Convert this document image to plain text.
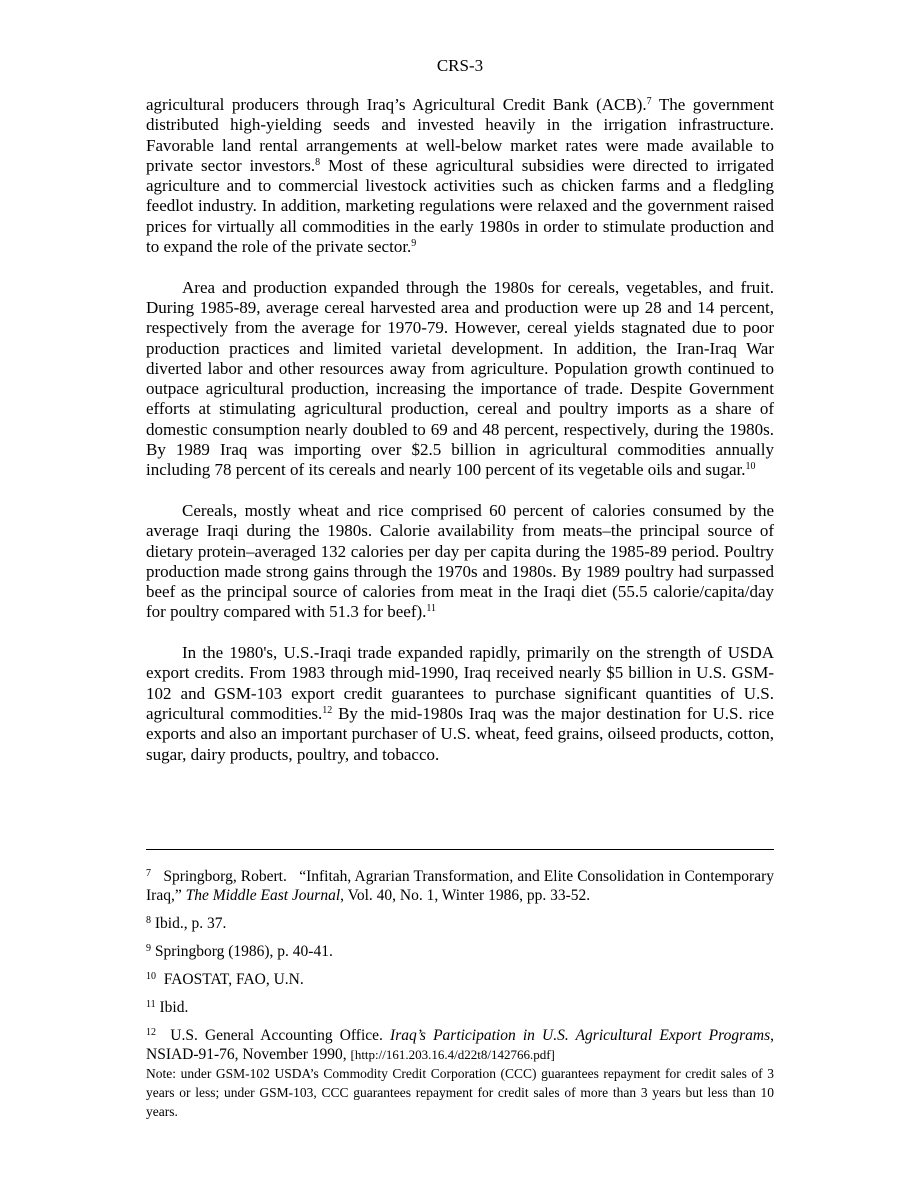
CRS-3

agricultural producers through Iraq’s Agricultural Credit Bank (ACB).$^7$ The government distributed high-yielding seeds and invested heavily in the irrigation infrastructure. Favorable land rental arrangements at well-below market rates were made available to private sector investors.$^8$ Most of these agricultural subsidies were directed to irrigated agriculture and to commercial livestock activities such as chicken farms and a fledgling feedlot industry. In addition, marketing regulations were relaxed and the government raised prices for virtually all commodities in the early 1980s in order to stimulate production and to expand the role of the private sector.$^9$

Area and production expanded through the 1980s for cereals, vegetables, and fruit. During 1985-89, average cereal harvested area and production were up 28 and 14 percent, respectively from the average for 1970-79. However, cereal yields stagnated due to poor production practices and limited varietal development. In addition, the Iran-Iraq War diverted labor and other resources away from agriculture. Population growth continued to outpace agricultural production, increasing the importance of trade. Despite Government efforts at stimulating agricultural production, cereal and poultry imports as a share of domestic consumption nearly doubled to 69 and 48 percent, respectively, during the 1980s. By 1989 Iraq was importing over $2.5 billion in agricultural commodities annually including 78 percent of its cereals and nearly 100 percent of its vegetable oils and sugar.$^{10}$

Cereals, mostly wheat and rice comprised 60 percent of calories consumed by the average Iraqi during the 1980s. Calorie availability from meats–the principal source of dietary protein–averaged 132 calories per day per capita during the 1985-89 period. Poultry production made strong gains through the 1970s and 1980s. By 1989 poultry had surpassed beef as the principal source of calories from meat in the Iraqi diet (55.5 calorie/capita/day for poultry compared with 51.3 for beef).$^{11}$

In the 1980's, U.S.-Iraqi trade expanded rapidly, primarily on the strength of USDA export credits. From 1983 through mid-1990, Iraq received nearly $5 billion in U.S. GSM-102 and GSM-103 export credit guarantees to purchase significant quantities of U.S. agricultural commodities.$^{12}$ By the mid-1980s Iraq was the major destination for U.S. rice exports and also an important purchaser of U.S. wheat, feed grains, oilseed products, cotton, sugar, dairy products, poultry, and tobacco.

$^7$   Springborg, Robert.   “Infitah, Agrarian Transformation, and Elite Consolidation in Contemporary Iraq,” The Middle East Journal, Vol. 40, No. 1, Winter 1986, pp. 33-52.
$^8$ Ibid., p. 37.
$^9$ Springborg (1986), p. 40-41.
$^{10}$  FAOSTAT, FAO, U.N.
$^{11}$ Ibid.
$^{12}$  U.S. General Accounting Office. Iraq’s Participation in U.S. Agricultural Export Programs, NSIAD-91-76, November 1990, [http://161.203.16.4/d22t8/142766.pdf]

Note: under GSM-102 USDA’s Commodity Credit Corporation (CCC) guarantees repayment for credit sales of 3 years or less; under GSM-103, CCC guarantees repayment for credit sales of more than 3 years but less than 10 years.
